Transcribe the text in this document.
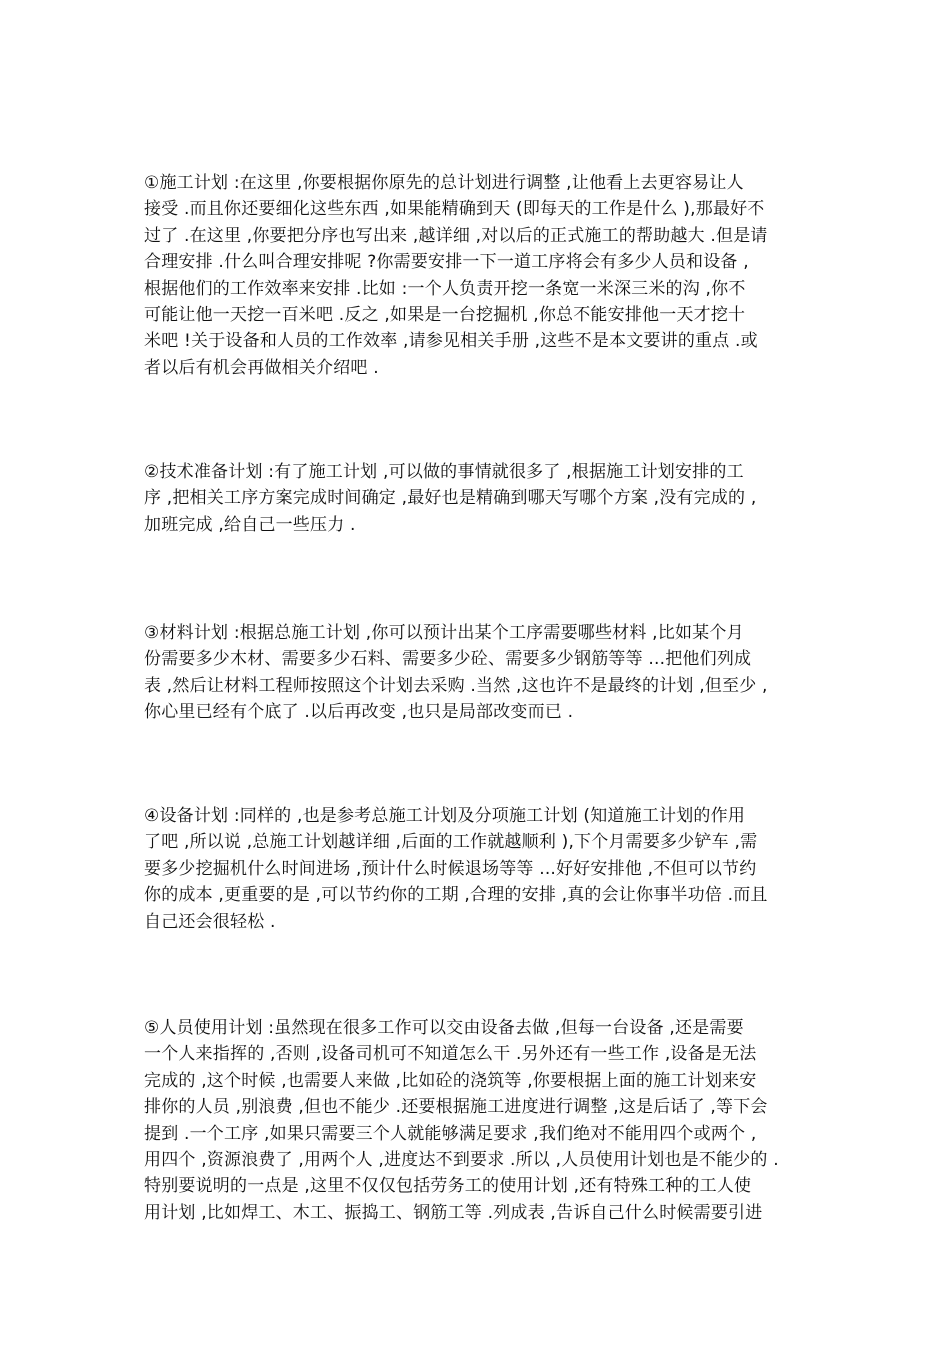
①施工计划 :在这里 ,你要根据你原先的总计划进行调整 ,让他看上去更容易让人
接受 .而且你还要细化这些东西 ,如果能精确到天 (即每天的工作是什么 ),那最好不
过了 .在这里 ,你要把分序也写出来 ,越详细 ,对以后的正式施工的帮助越大 .但是请
合理安排 .什么叫合理安排呢 ?你需要安排一下一道工序将会有多少人员和设备 ,
根据他们的工作效率来安排 .比如 :一个人负责开挖一条宽一米深三米的沟 ,你不
可能让他一天挖一百米吧 .反之 ,如果是一台挖掘机 ,你总不能安排他一天才挖十
米吧 !关于设备和人员的工作效率 ,请参见相关手册 ,这些不是本文要讲的重点 .或
者以后有机会再做相关介绍吧 .
②技术准备计划 :有了施工计划 ,可以做的事情就很多了 ,根据施工计划安排的工
序 ,把相关工序方案完成时间确定 ,最好也是精确到哪天写哪个方案 ,没有完成的 ,
加班完成 ,给自己一些压力 .
③材料计划 :根据总施工计划 ,你可以预计出某个工序需要哪些材料 ,比如某个月
份需要多少木材、需要多少石料、需要多少砼、需要多少钢筋等等 ...把他们列成
表 ,然后让材料工程师按照这个计划去采购 .当然 ,这也许不是最终的计划 ,但至少 ,
你心里已经有个底了 .以后再改变 ,也只是局部改变而已 .
④设备计划 :同样的 ,也是参考总施工计划及分项施工计划 (知道施工计划的作用
了吧 ,所以说 ,总施工计划越详细 ,后面的工作就越顺利 ),下个月需要多少铲车 ,需
要多少挖掘机什么时间进场 ,预计什么时候退场等等 ...好好安排他 ,不但可以节约
你的成本 ,更重要的是 ,可以节约你的工期 ,合理的安排 ,真的会让你事半功倍 .而且
自己还会很轻松 .
⑤人员使用计划 :虽然现在很多工作可以交由设备去做 ,但每一台设备 ,还是需要
一个人来指挥的 ,否则 ,设备司机可不知道怎么干 .另外还有一些工作 ,设备是无法
完成的 ,这个时候 ,也需要人来做 ,比如砼的浇筑等 ,你要根据上面的施工计划来安
排你的人员 ,别浪费 ,但也不能少 .还要根据施工进度进行调整 ,这是后话了 ,等下会
提到 .一个工序 ,如果只需要三个人就能够满足要求 ,我们绝对不能用四个或两个 ,
用四个 ,资源浪费了 ,用两个人 ,进度达不到要求 .所以 ,人员使用计划也是不能少的 .
特别要说明的一点是 ,这里不仅仅包括劳务工的使用计划 ,还有特殊工种的工人使
用计划 ,比如焊工、木工、振捣工、钢筋工等 .列成表 ,告诉自己什么时候需要引进
